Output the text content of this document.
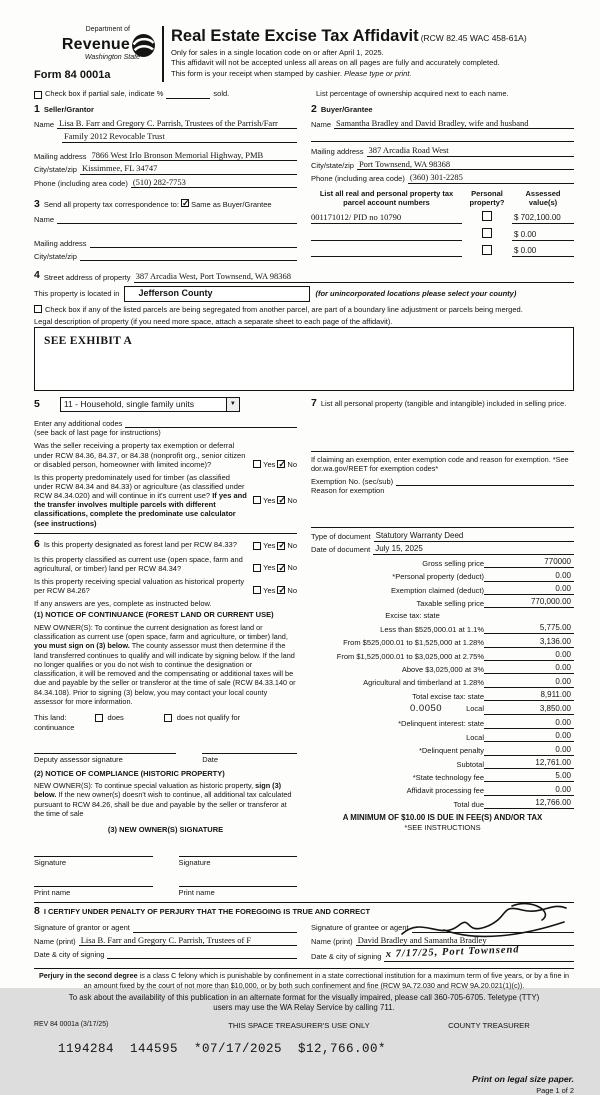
Department of
Revenue
Washington State
Form 84 0001a
Real Estate Excise Tax Affidavit (RCW 82.45 WAC 458-61A)
Only for sales in a single location code on or after April 1, 2025.
This affidavit will not be accepted unless all areas on all pages are fully and accurately completed.
This form is your receipt when stamped by cashier. Please type or print.
Check box if partial sale, indicate %	sold.	List percentage of ownership acquired next to each name.
1 Seller/Grantor
Name Lisa B. Farr and Gregory C. Parrish, Trustees of the Parrish/Farr
Family 2012 Revocable Trust
Mailing address 7866 West Irlo Bronson Memorial Highway, PMB
City/state/zip Kissimmee, FL 34747
Phone (including area code) (510) 282-7753
3 Send all property tax correspondence to: ✓ Same as Buyer/Grantee
Name
Mailing address
City/state/zip
2 Buyer/Grantee
Name Samantha Bradley and David Bradley, wife and husband
Mailing address 387 Arcadia Road West
City/state/zip Port Townsend, WA 98368
Phone (including area code) (360) 301-2285
List all real and personal property tax parcel account numbers
Personal property?
Assessed value(s)
001171012/ PID no 10790	$ 702,100.00
$ 0.00
$ 0.00
4 Street address of property 387 Arcadia West, Port Townsend, WA 98368
This property is located in	Jefferson County	(for unincorporated locations please select your county)
Check box if any of the listed parcels are being segregated from another parcel, are part of a boundary line adjustment or parcels being merged.
Legal description of property (if you need more space, attach a separate sheet to each page of the affidavit).
SEE EXHIBIT A
5	11 - Household, single family units	▼
Enter any additional codes
(see back of last page for instructions)
Was the seller receiving a property tax exemption or deferral under RCW 84.36, 84.37, or 84.38 (nonprofit org., senior citizen or disabled person, homeowner with limited income)?	Yes ✓ No
Is this property predominately used for timber (as classified under RCW 84.34 and 84.33) or agriculture (as classified under RCW 84.34.020) and will continue in it's current use? If yes and the transfer involves multiple parcels with different classifications, complete the predominate use calculator (see instructions)
Yes ✓ No
6 Is this property designated as forest land per RCW 84.33?	Yes ✓ No
Is this property classified as current use (open space, farm and agricultural, or timber) land per RCW 84.34?	Yes ✓ No
Is this property receiving special valuation as historical property per RCW 84.26?	Yes ✓ No
If any answers are yes, complete as instructed below.
(1) NOTICE OF CONTINUANCE (FOREST LAND OR CURRENT USE)
NEW OWNER(S): To continue the current designation as forest land or classification as current use (open space, farm and agriculture, or timber) land, you must sign on (3) below. The county assessor must then determine if the land transferred continues to qualify and will indicate by signing below. If the land no longer qualifies or you do not wish to continue the designation or classification, it will be removed and the compensating or additional taxes will be due and payable by the seller or transferor at the time of sale (RCW 84.33.140 or 84.34.108). Prior to signing (3) below, you may contact your local county assessor for more information.
This land:	does	does not qualify for
continuance
Deputy assessor signature	Date
(2) NOTICE OF COMPLIANCE (HISTORIC PROPERTY)
NEW OWNER(S): To continue special valuation as historic property, sign (3) below. If the new owner(s) doesn't wish to continue, all additional tax calculated pursuant to RCW 84.26, shall be due and payable by the seller or transferor at the time of sale
(3) NEW OWNER(S) SIGNATURE
Signature	Signature
Print name	Print name
7 List all personal property (tangible and intangible) included in selling price.
If claiming an exemption, enter exemption code and reason for exemption. *See dor.wa.gov/REET for exemption codes*
Exemption No. (sec/sub)
Reason for exemption
Type of document Statutory Warranty Deed
Date of document July 15, 2025
Gross selling price	770000
*Personal property (deduct)	0.00
Exemption claimed (deduct)	0.00
Taxable selling price	770,000.00
Excise tax: state
Less than $525,000.01 at 1.1%	5,775.00
From $525,000.01 to $1,525,000 at 1.28%	3,136.00
From $1,525,000.01 to $3,025,000 at 2.75%	0.00
Above $3,025,000 at 3%	0.00
Agricultural and timberland at 1.28%	0.00
Total excise tax: state	8,911.00
0.0050	Local	3,850.00
*Delinquent interest: state	0.00
Local	0.00
*Delinquent penalty	0.00
Subtotal	12,761.00
*State technology fee	5.00
Affidavit processing fee	0.00
Total due	12,766.00
A MINIMUM OF $10.00 IS DUE IN FEE(S) AND/OR TAX
*SEE INSTRUCTIONS
8 I CERTIFY UNDER PENALTY OF PERJURY THAT THE FOREGOING IS TRUE AND CORRECT
Signature of grantor or agent
Name (print) Lisa B. Farr and Gregory C. Parrish, Trustees of F
Date & city of signing
Signature of grantee or agent
Name (print) David Bradley and Samantha Bradley
Date & city of signing x 7/17/25, Port Townsend
Perjury in the second degree is a class C felony which is punishable by confinement in a state correctional institution for a maximum term of five years, or by a fine in an amount fixed by the court of not more than $10,000, or by both such confinement and fine (RCW 9A.72.030 and RCW 9A.20.021(1)(c)).
To ask about the availability of this publication in an alternate format for the visually impaired, please call 360-705-6705. Teletype (TTY) users may use the WA Relay Service by calling 711.
REV 84 0001a (3/17/25)	THIS SPACE TREASURER'S USE ONLY	COUNTY TREASURER
1194284  144595  *07/17/2025  $12,766.00*
Print on legal size paper.
Page 1 of 2
